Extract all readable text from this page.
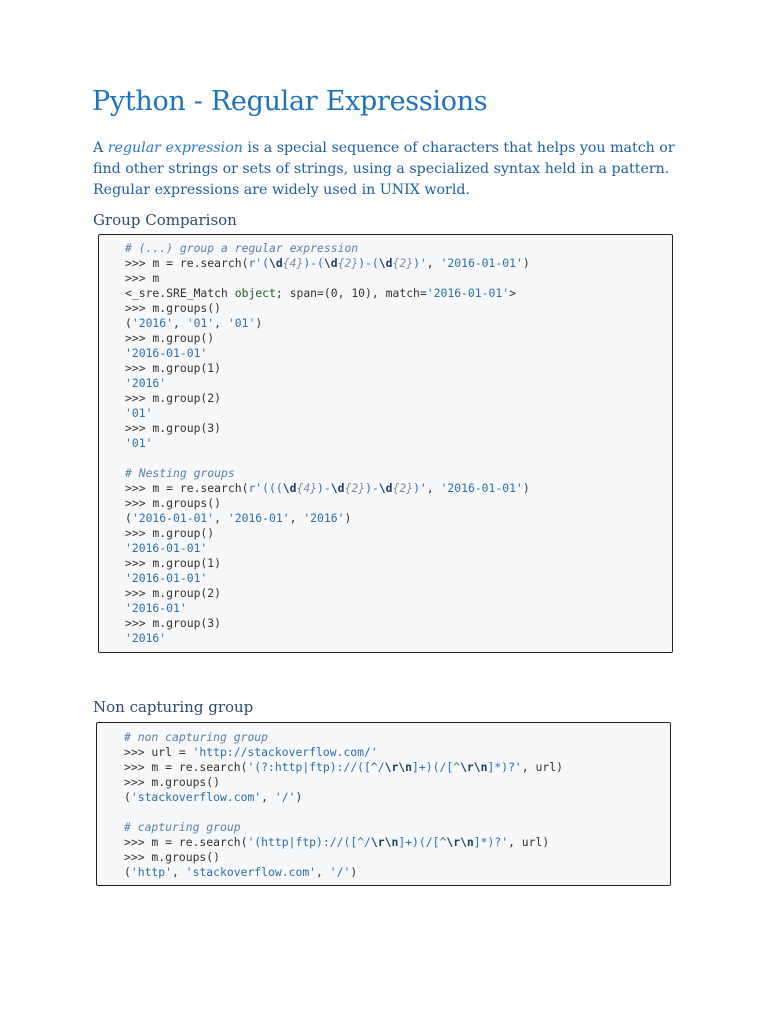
Python - Regular Expressions

A regular expression is a special sequence of characters that helps you match or find other strings or sets of strings, using a specialized syntax held in a pattern. Regular expressions are widely used in UNIX world.

Group Comparison
# (...) group a regular expression
>>> m = re.search(r'(\d{4})-(\d{2})-(\d{2})', '2016-01-01')
>>> m
<_sre.SRE_Match object; span=(0, 10), match='2016-01-01'>
>>> m.groups()
('2016', '01', '01')
>>> m.group()
'2016-01-01'
>>> m.group(1)
'2016'
>>> m.group(2)
'01'
>>> m.group(3)
'01'
# Nesting groups
>>> m = re.search(r'(((\d{4})-\d{2})-\d{2})', '2016-01-01')
>>> m.groups()
('2016-01-01', '2016-01', '2016')
>>> m.group()
'2016-01-01'
>>> m.group(1)
'2016-01-01'
>>> m.group(2)
'2016-01'
>>> m.group(3)
'2016'
Non capturing group
# non capturing group
>>> url = 'http://stackoverflow.com/'
>>> m = re.search('(?:http|ftp)://([^/\r\n]+)(/[^\r\n]*)?', url)
>>> m.groups()
('stackoverflow.com', '/')
# capturing group
>>> m = re.search('(http|ftp)://([^/\r\n]+)(/[^\r\n]*)?', url)
>>> m.groups()
('http', 'stackoverflow.com', '/')
